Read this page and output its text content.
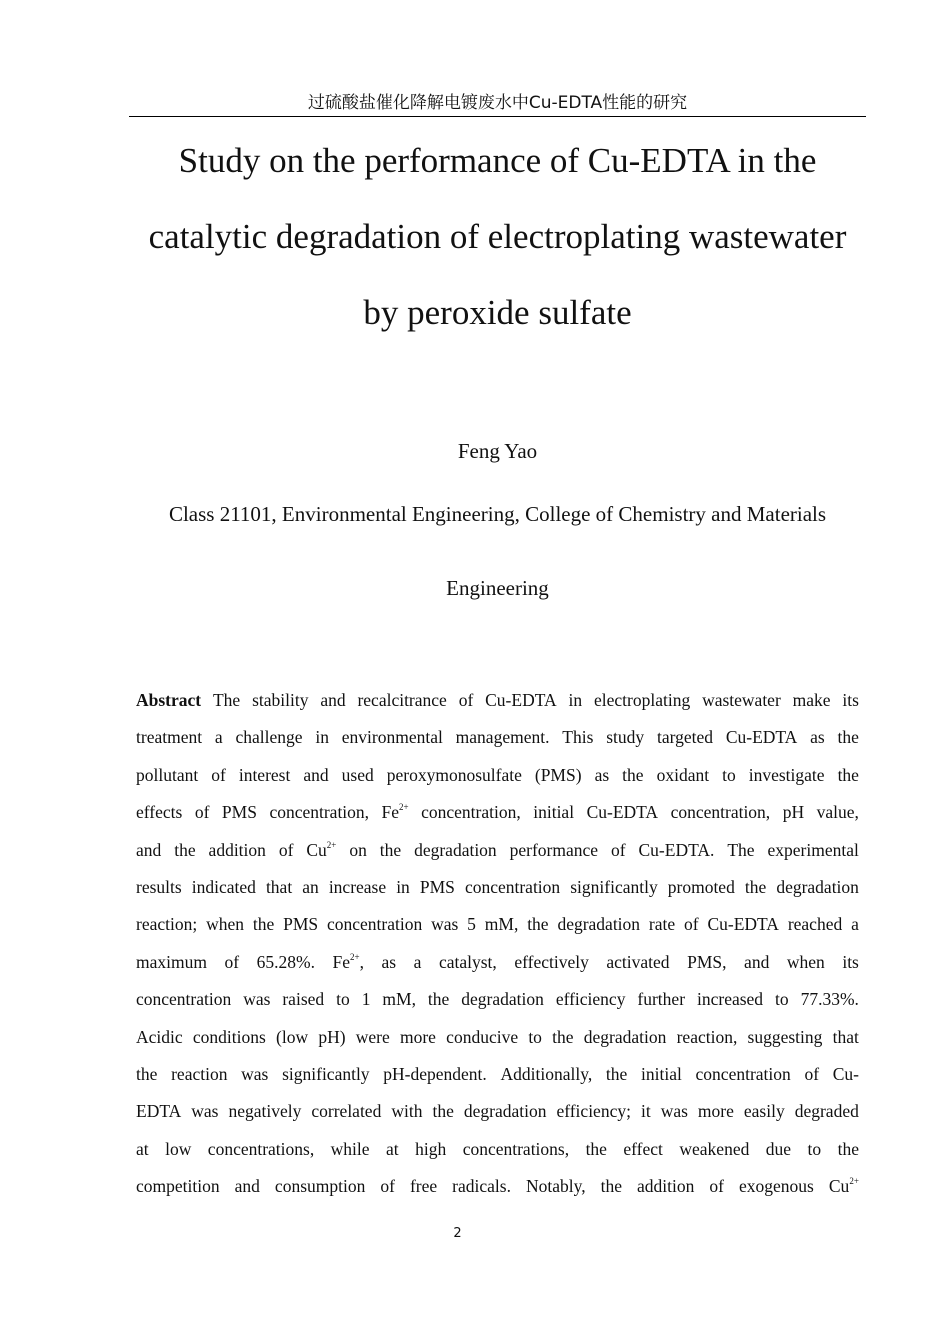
过硫酸盐催化降解电镀废水中Cu-EDTA性能的研究
Study on the performance of Cu-EDTA in the
catalytic degradation of electroplating wastewater
by peroxide sulfate
Feng Yao
Class 21101, Environmental Engineering, College of Chemistry and Materials
Engineering
Abstract The stability and recalcitrance of Cu-EDTA in electroplating wastewater make its
treatment a challenge in environmental management. This study targeted Cu-EDTA as the
pollutant of interest and used peroxymonosulfate (PMS) as the oxidant to investigate the
effects of PMS concentration, $Fe^{2+}$ concentration, initial Cu-EDTA concentration, pH value,
and the addition of $Cu^{2+}$ on the degradation performance of Cu-EDTA. The experimental
results indicated that an increase in PMS concentration significantly promoted the degradation
reaction; when the PMS concentration was 5 mM, the degradation rate of Cu-EDTA reached a
maximum of 65.28%. $Fe^{2+}$, as a catalyst, effectively activated PMS, and when its
concentration was raised to 1 mM, the degradation efficiency further increased to 77.33%.
Acidic conditions (low pH) were more conducive to the degradation reaction, suggesting that
the reaction was significantly pH-dependent. Additionally, the initial concentration of Cu-
EDTA was negatively correlated with the degradation efficiency; it was more easily degraded
at low concentrations, while at high concentrations, the effect weakened due to the
competition and consumption of free radicals. Notably, the addition of exogenous $Cu^{2+}$
2
